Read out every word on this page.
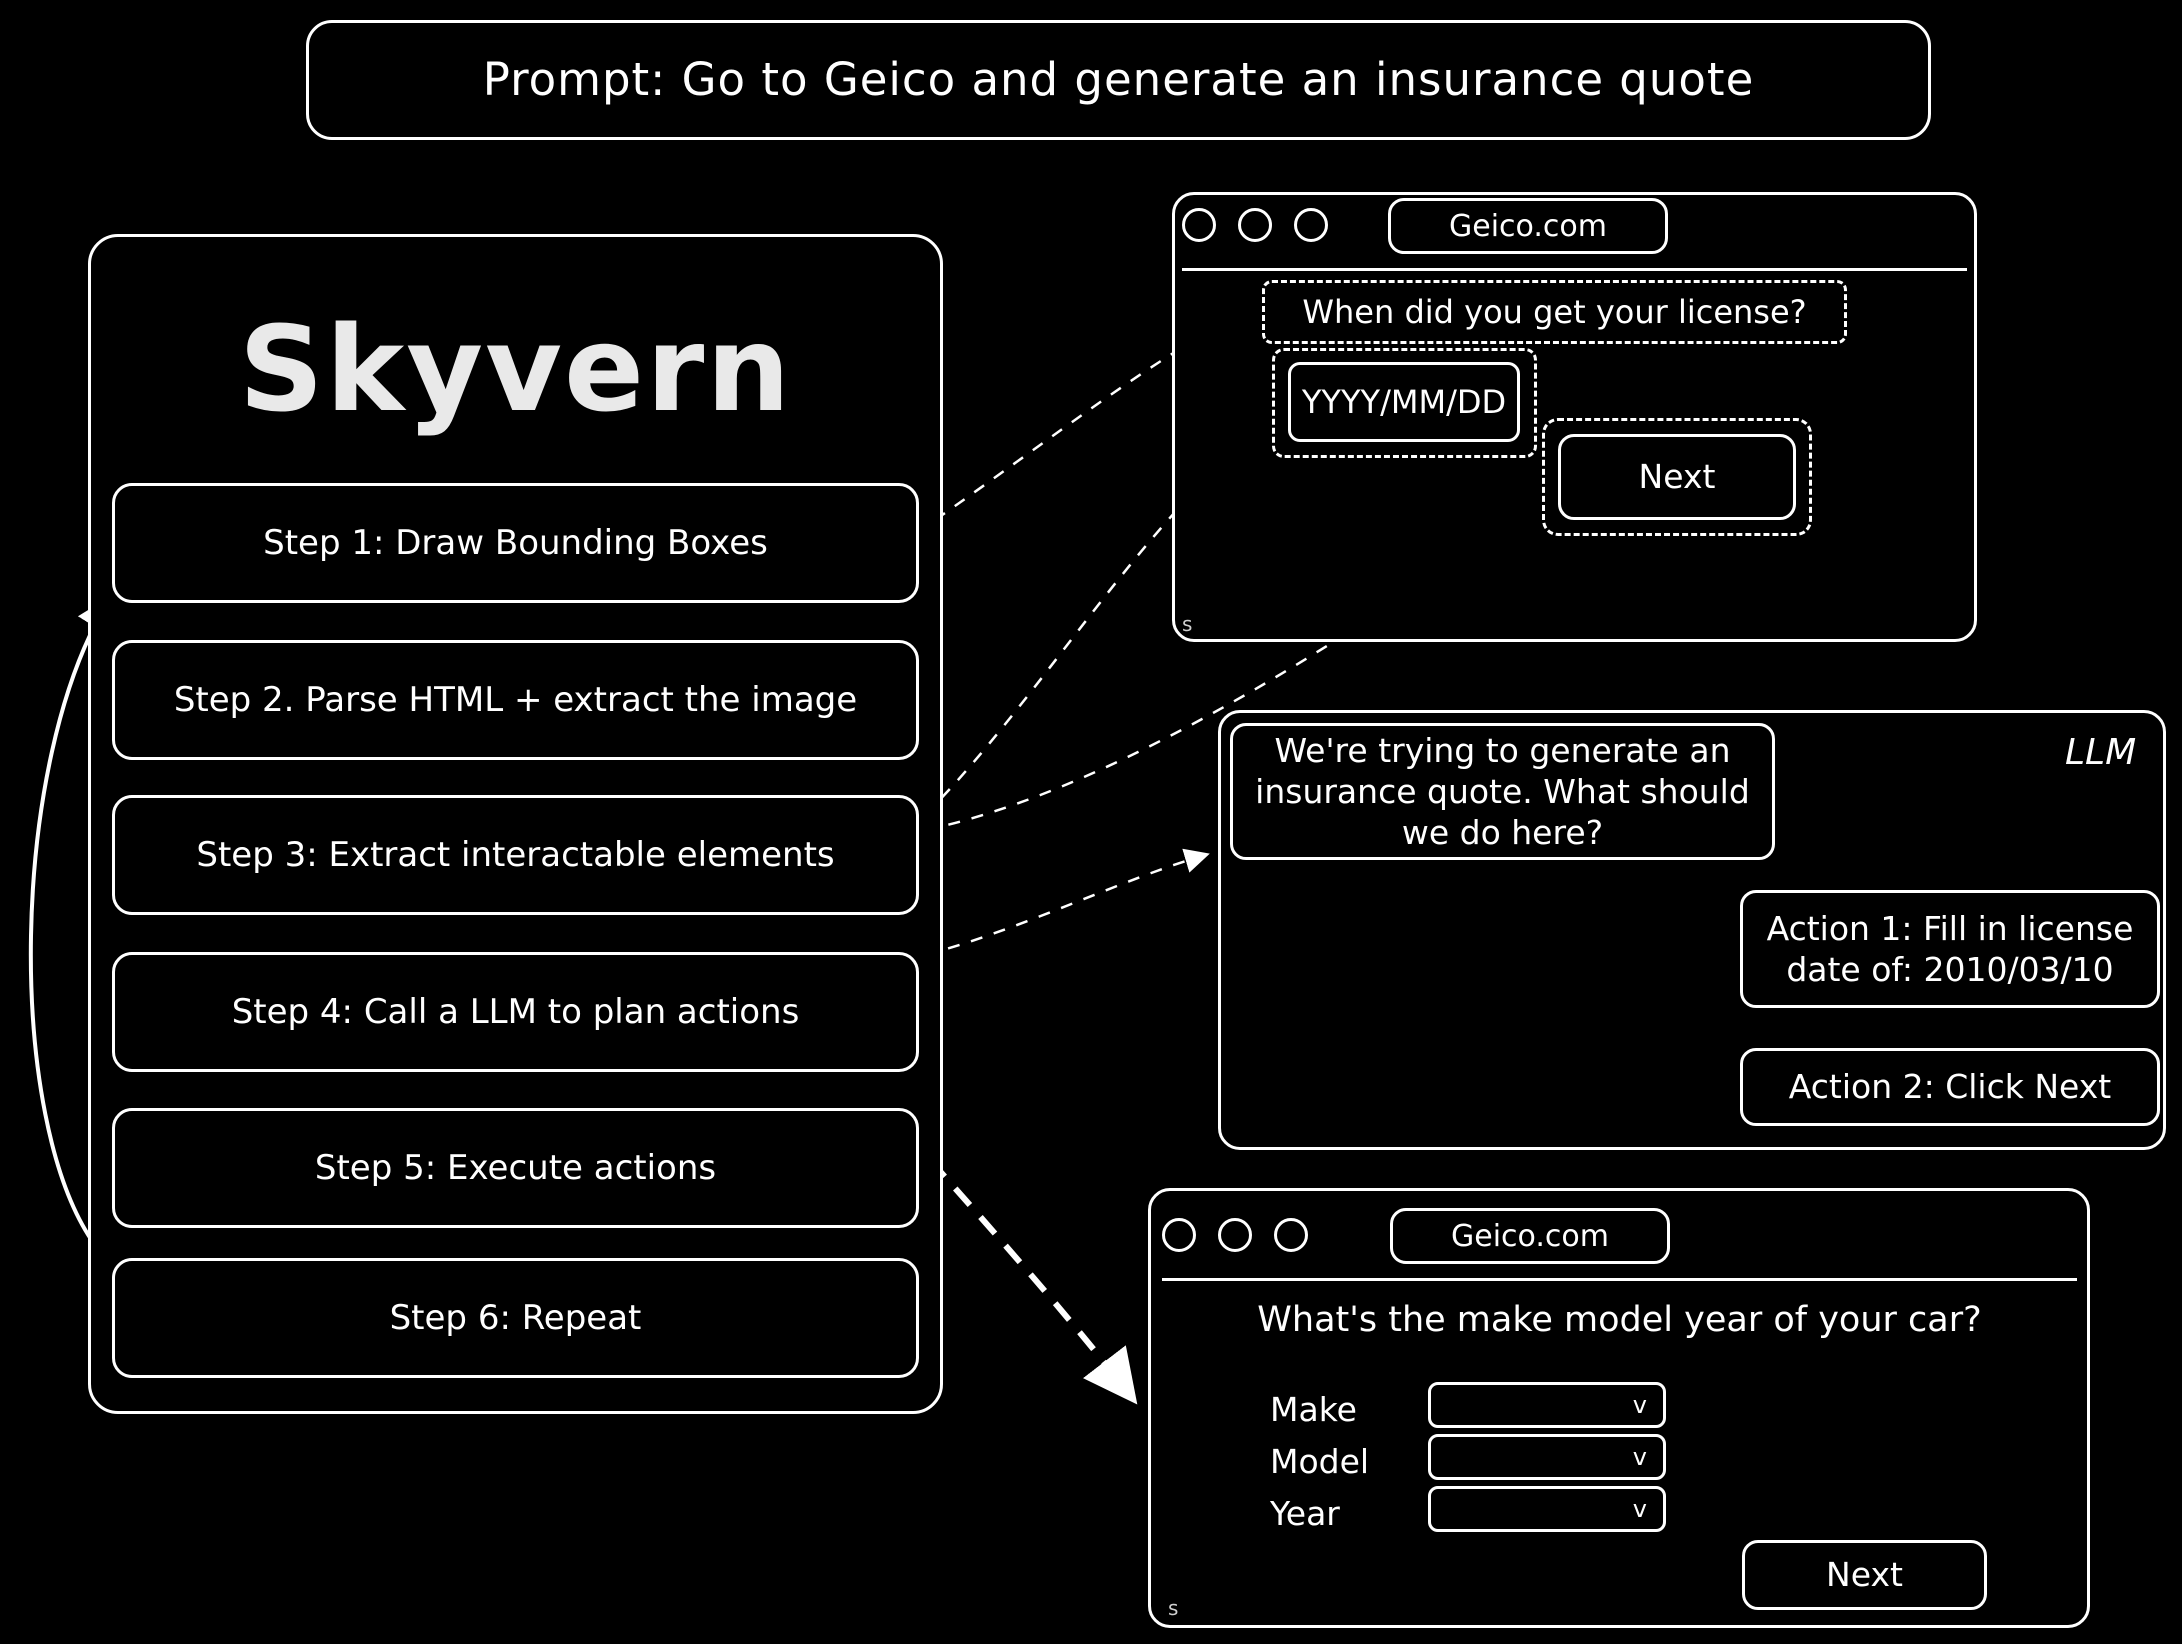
Prompt: Go to Geico and generate an insurance quote
Skyvern
Step 1: Draw Bounding Boxes
Step 2. Parse HTML + extract the image
Step 3: Extract interactable elements
Step 4: Call a LLM to plan actions
Step 5: Execute actions
Step 6: Repeat
Geico.com
When did you get your license?
YYYY/MM/DD
Next
s
LLM
We're trying to generate an insurance quote. What should we do here?
Action 1: Fill in license date of: 2010/03/10
Action 2: Click Next
Geico.com
What's the make model year of your car?
Make
Model
Year
v
v
v
Next
s
